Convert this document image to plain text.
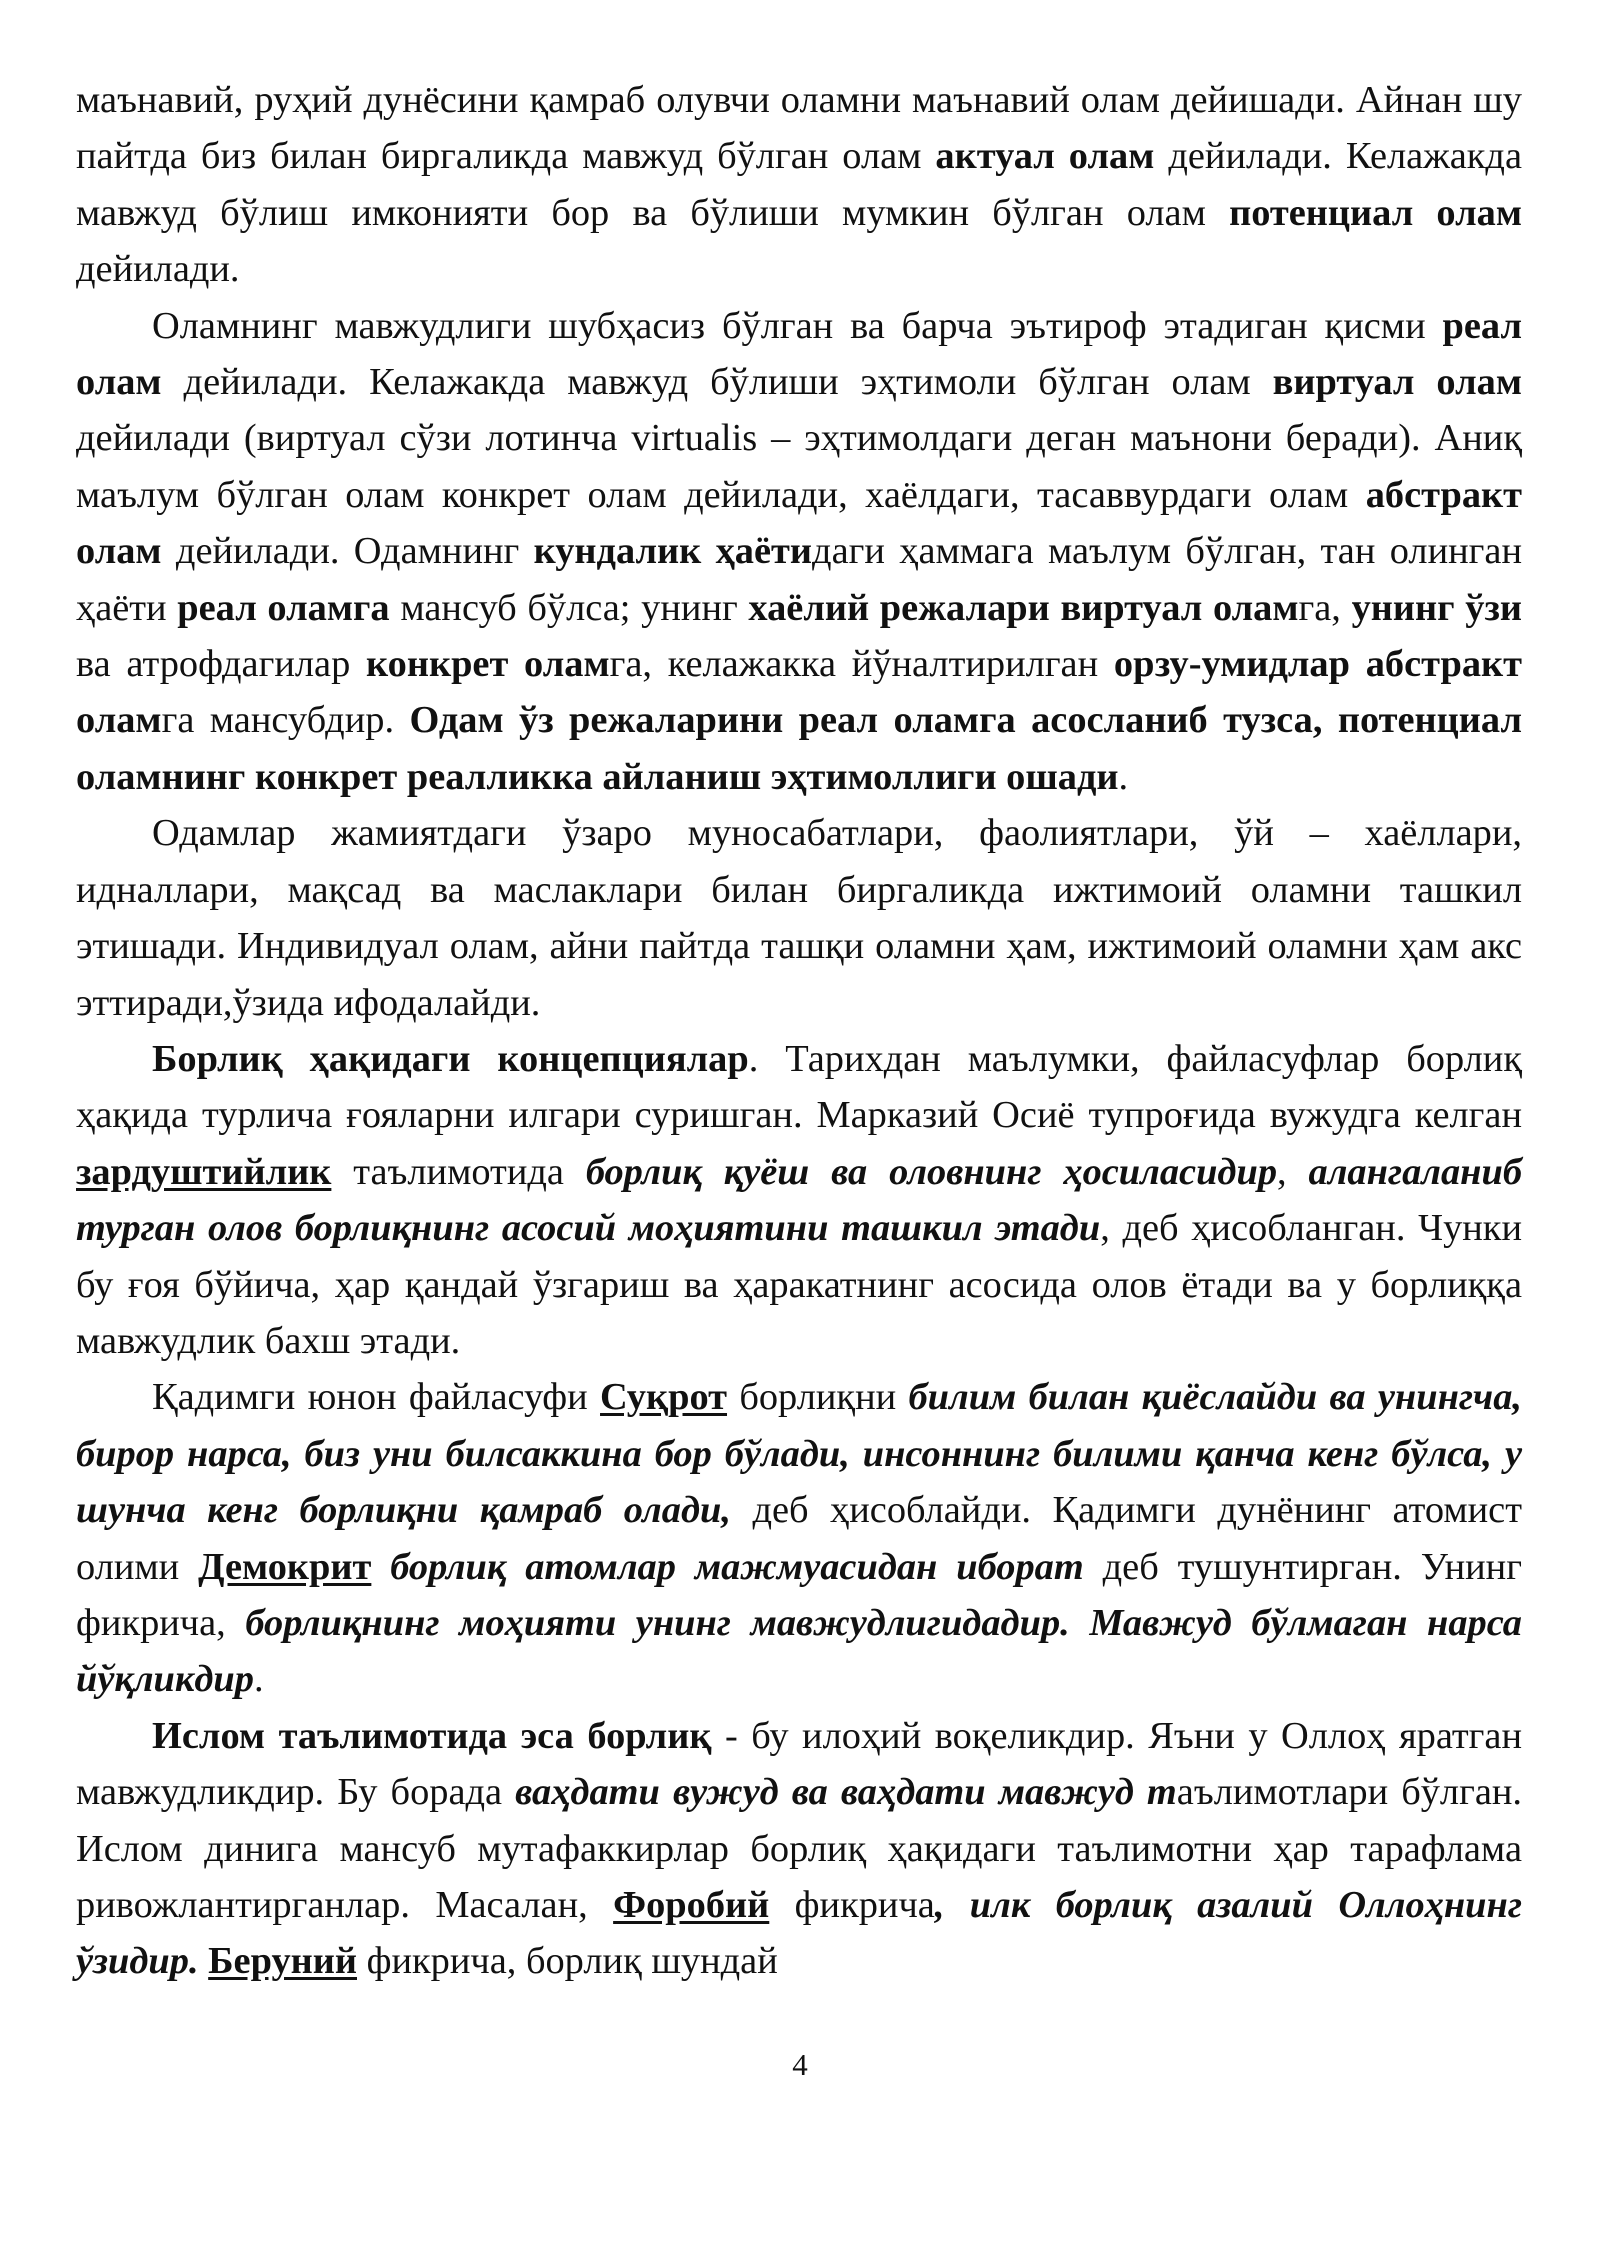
маънавий, руҳий дунёсини қамраб олувчи оламни маънавий олам дейишади. Айнан шу пайтда биз билан биргаликда мавжуд бўлган олам актуал олам дейилади. Келажакда мавжуд бўлиш имконияти бор ва бўлиши мумкин бўлган олам потенциал олам дейилади.

Оламнинг мавжудлиги шубҳасиз бўлган ва барча эътироф этадиган қисми реал олам дейилади. Келажакда мавжуд бўлиши эҳтимоли бўлган олам виртуал олам дейилади (виртуал сўзи лотинча virtualis – эҳтимолдаги деган маънони беради). Аниқ маълум бўлган олам конкрет олам дейилади, хаёлдаги, тасаввурдаги олам абстракт олам дейилади. Одамнинг кундалик ҳаётидаги ҳаммага маълум бўлган, тан олинган ҳаёти реал оламга мансуб бўлса; унинг хаёлий режалари виртуал оламга, унинг ўзи ва атрофдагилар конкрет оламга, келажакка йўналтирилган орзу-умидлар абстракт оламга мансубдир. Одам ўз режаларини реал оламга асосланиб тузса, потенциал оламнинг конкрет реалликка айланиш эҳтимоллиги ошади.

Одамлар жамиятдаги ўзаро муносабатлари, фаолиятлари, ўй – хаёллари, идналлари, мақсад ва маслаклари билан биргаликда ижтимоий оламни ташкил этишади. Индивидуал олам, айни пайтда ташқи оламни ҳам, ижтимоий оламни ҳам акс эттиради,ўзида ифодалайди.

Борлиқ ҳақидаги концепциялар. Тарихдан маълумки, файласуфлар борлиқ ҳақида турлича ғояларни илгари суришган. Марказий Осиё тупроғида вужудга келган зардуштийлик таълимотида борлиқ қуёш ва оловнинг ҳосиласидир, алангаланиб турган олов борлиқнинг асосий моҳиятини ташкил этади, деб ҳисобланган. Чунки бу ғоя бўйича, ҳар қандай ўзгариш ва ҳаракатнинг асосида олов ётади ва у борлиққа мавжудлик бахш этади.

Қадимги юнон файласуфи Суқрот борлиқни билим билан қиёслайди ва унингча, бирор нарса, биз уни билсаккина бор бўлади, инсоннинг билими қанча кенг бўлса, у шунча кенг борлиқни қамраб олади, деб ҳисоблайди. Қадимги дунёнинг атомист олими Демокрит борлиқ атомлар мажмуасидан иборат деб тушунтирган. Унинг фикрича, борлиқнинг моҳияти унинг мавжудлигидадир. Мавжуд бўлмаган нарса йўқликдир.

Ислом таълимотида эса борлиқ - бу илоҳий воқеликдир. Яъни у Оллоҳ яратган мавжудликдир. Бу борада ваҳдати вужуд ва ваҳдати мавжуд таълимотлари бўлган. Ислом динига мансуб мутафаккирлар борлиқ ҳақидаги таълимотни ҳар тарафлама ривожлантирганлар. Масалан, Форобий фикрича, илк борлиқ азалий Оллоҳнинг ўзидир. Беруний фикрича, борлиқ шундай

4
